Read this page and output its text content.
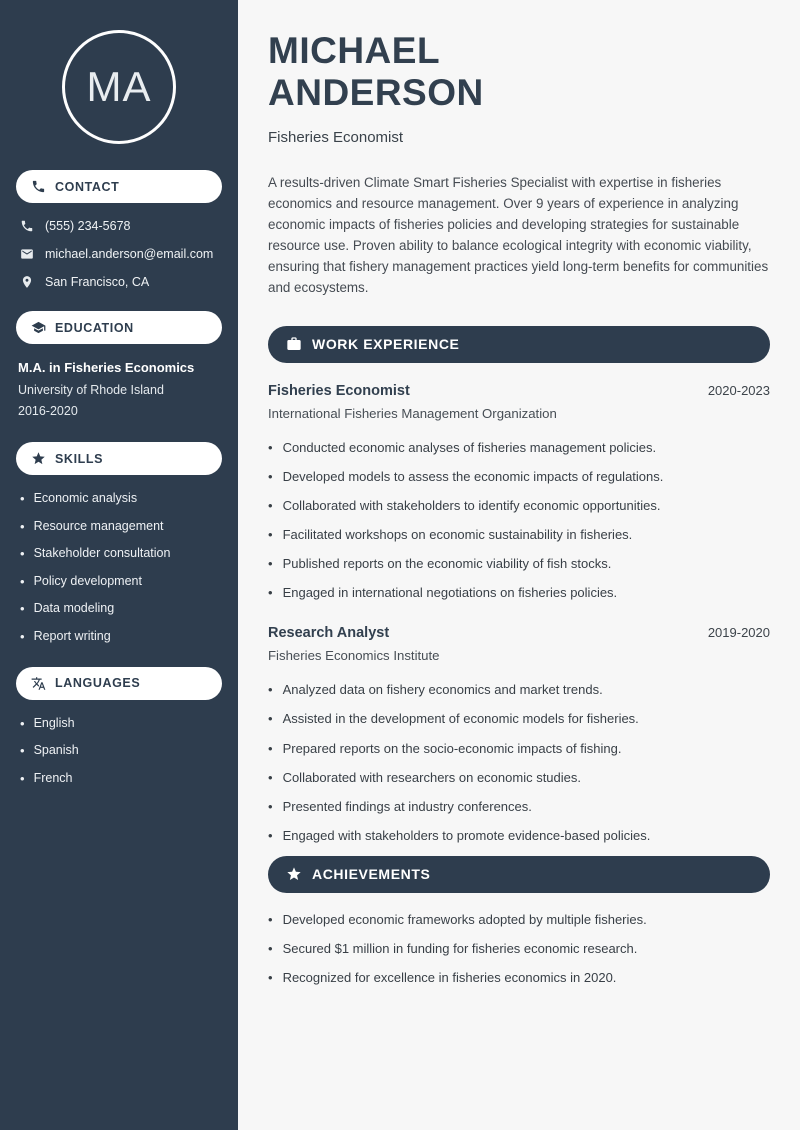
MA
CONTACT
(555) 234-5678
michael.anderson@email.com
San Francisco, CA
EDUCATION
M.A. in Fisheries Economics
University of Rhode Island
2016-2020
SKILLS
• Economic analysis
• Resource management
• Stakeholder consultation
• Policy development
• Data modeling
• Report writing
LANGUAGES
• English
• Spanish
• French
MICHAEL
ANDERSON
Fisheries Economist

A results-driven Climate Smart Fisheries Specialist with expertise in fisheries economics and resource management. Over 9 years of experience in analyzing economic impacts of fisheries policies and developing strategies for sustainable resource use. Proven ability to balance ecological integrity with economic viability, ensuring that fishery management practices yield long-term benefits for communities and ecosystems.

WORK EXPERIENCE
Fisheries Economist	2020-2023
International Fisheries Management Organization
• Conducted economic analyses of fisheries management policies.
• Developed models to assess the economic impacts of regulations.
• Collaborated with stakeholders to identify economic opportunities.
• Facilitated workshops on economic sustainability in fisheries.
• Published reports on the economic viability of fish stocks.
• Engaged in international negotiations on fisheries policies.
Research Analyst	2019-2020
Fisheries Economics Institute
• Analyzed data on fishery economics and market trends.
• Assisted in the development of economic models for fisheries.
• Prepared reports on the socio-economic impacts of fishing.
• Collaborated with researchers on economic studies.
• Presented findings at industry conferences.
• Engaged with stakeholders to promote evidence-based policies.
ACHIEVEMENTS
• Developed economic frameworks adopted by multiple fisheries.
• Secured $1 million in funding for fisheries economic research.
• Recognized for excellence in fisheries economics in 2020.
